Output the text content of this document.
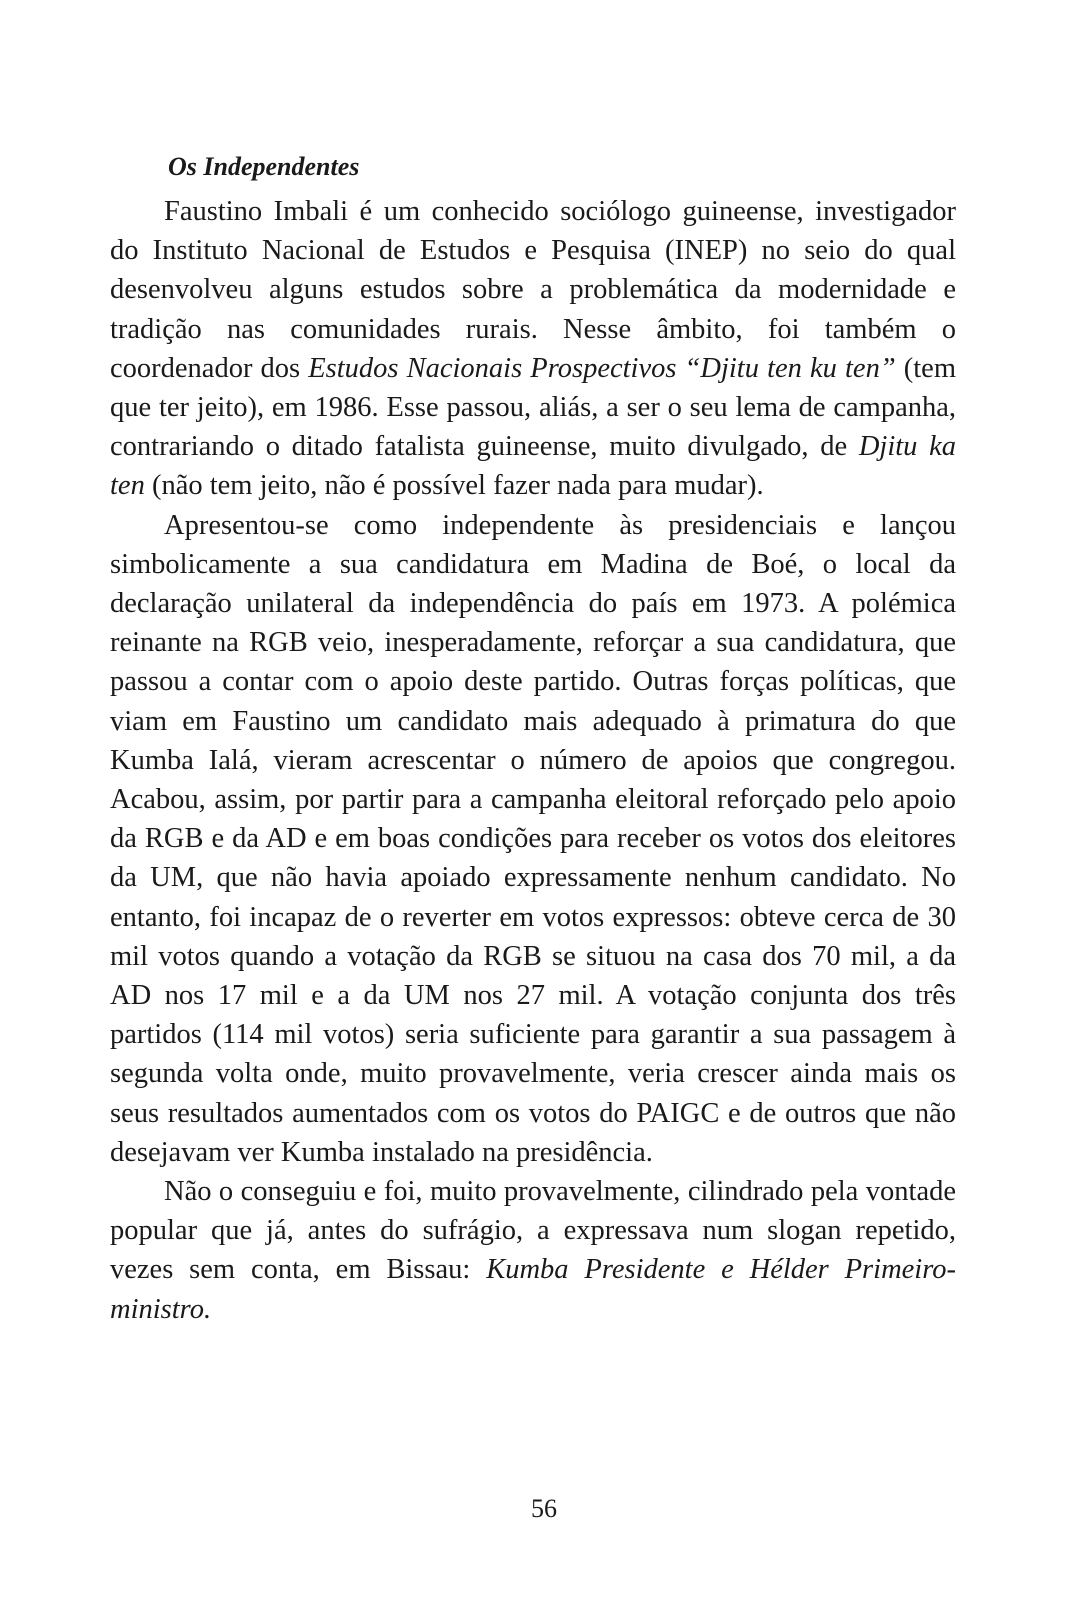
Os Independentes

Faustino Imbali é um conhecido sociólogo guineense, investigador do Instituto Nacional de Estudos e Pesquisa (INEP) no seio do qual desenvolveu alguns estudos sobre a problemática da modernidade e tradição nas comunidades rurais. Nesse âmbito, foi também o coordenador dos Estudos Nacionais Prospectivos “Djitu ten ku ten” (tem que ter jeito), em 1986. Esse passou, aliás, a ser o seu lema de campanha, contrariando o ditado fatalista guineense, muito divulgado, de Djitu ka ten (não tem jeito, não é possível fazer nada para mudar).

Apresentou-se como independente às presidenciais e lançou simbolicamente a sua candidatura em Madina de Boé, o local da declaração unilateral da independência do país em 1973. A polémica reinante na RGB veio, inesperadamente, reforçar a sua candidatura, que passou a contar com o apoio deste partido. Outras forças políticas, que viam em Faustino um candidato mais adequado à primatura do que Kumba Ialá, vieram acrescentar o número de apoios que congregou. Acabou, assim, por partir para a campanha eleitoral reforçado pelo apoio da RGB e da AD e em boas condições para receber os votos dos eleitores da UM, que não havia apoiado expressamente nenhum candidato. No entanto, foi incapaz de o reverter em votos expressos: obteve cerca de 30 mil votos quando a votação da RGB se situou na casa dos 70 mil, a da AD nos 17 mil e a da UM nos 27 mil. A votação conjunta dos três partidos (114 mil votos) seria suficiente para garantir a sua passagem à segunda volta onde, muito provavelmente, veria crescer ainda mais os seus resultados aumentados com os votos do PAIGC e de outros que não desejavam ver Kumba instalado na presidência.

Não o conseguiu e foi, muito provavelmente, cilindrado pela vontade popular que já, antes do sufrágio, a expressava num slogan repetido, vezes sem conta, em Bissau: Kumba Presidente e Hélder Primeiro-ministro.

56
